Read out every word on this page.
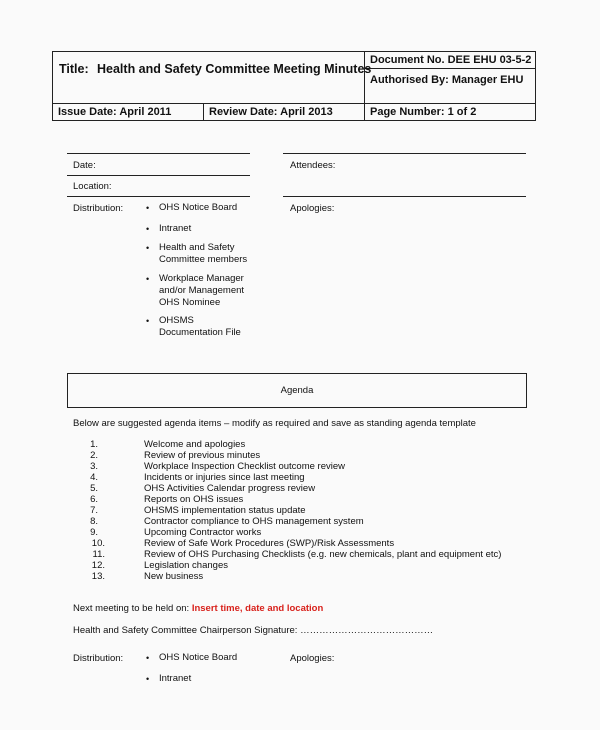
Title: Health and Safety Committee Meeting Minutes
Document No. DEE EHU 03-5-2
Authorised By: Manager EHU
Issue Date: April 2011	Review Date: April 2013	Page Number: 1 of 2
Date:
Location:
Attendees:
Apologies:
Distribution:	• OHS Notice Board
• Intranet
• Health and Safety Committee members
• Workplace Manager and/or Management OHS Nominee
• OHSMS Documentation File
Agenda
Below are suggested agenda items – modify as required and save as standing agenda template
1.	Welcome and apologies
2.	Review of previous minutes
3.	Workplace Inspection Checklist outcome review
4.	Incidents or injuries since last meeting
5.	OHS Activities Calendar progress review
6.	Reports on OHS issues
7.	OHSMS implementation status update
8.	Contractor compliance to OHS management system
9.	Upcoming Contractor works
10.	Review of Safe Work Procedures (SWP)/Risk Assessments
11.	Review of OHS Purchasing Checklists (e.g. new chemicals, plant and equipment etc)
12.	Legislation changes
13.	New business
Next meeting to be held on: Insert time, date and location
Health and Safety Committee Chairperson Signature: ……………………………………
Distribution:	Apologies:
• OHS Notice Board
• Intranet
